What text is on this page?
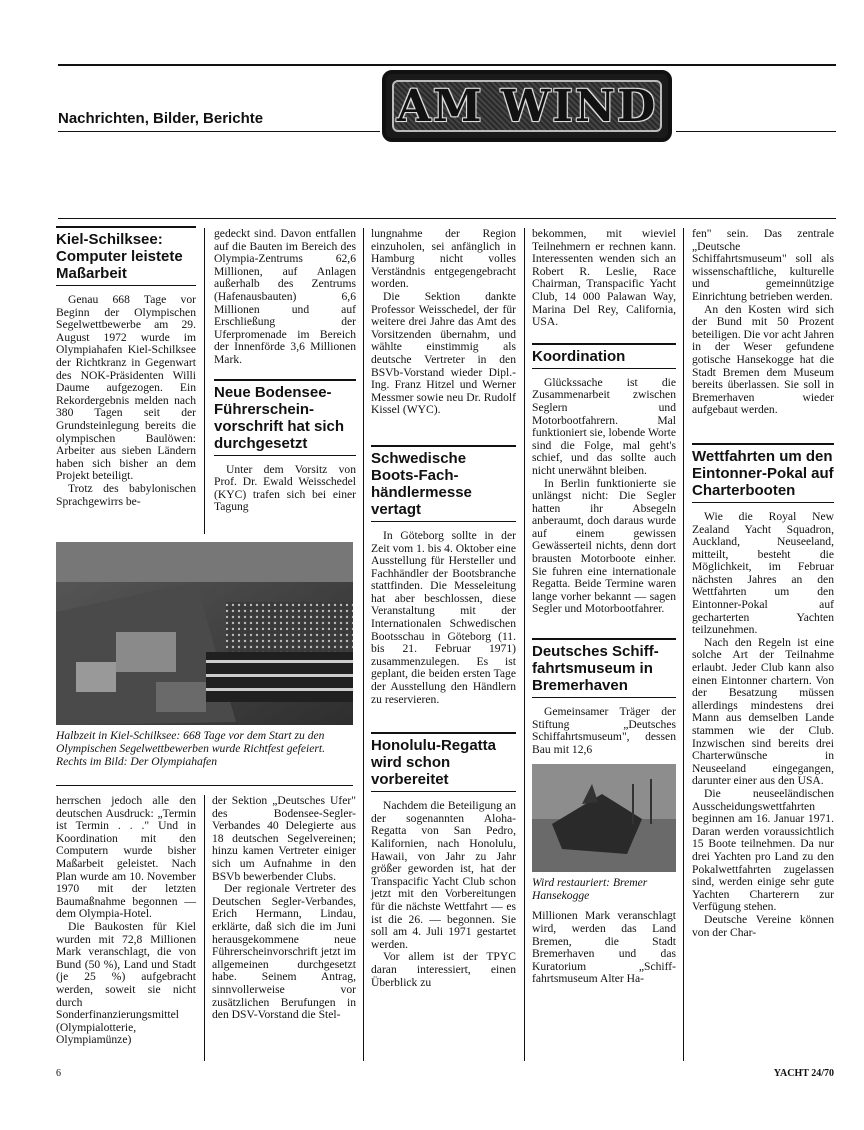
Nachrichten, Bilder, Berichte	AM WIND
Kiel-Schilksee: Computer leistete Maßarbeit

Genau 668 Tage vor Beginn der Olympischen Segelwettbewerbe am 29. August 1972 wurde im Olympiahafen Kiel-Schilksee der Richtkranz in Gegenwart des NOK-Präsidenten Willi Daume aufgezogen. Ein Rekordergebnis melden nach 380 Tagen seit der Grundsteinlegung bereits die olympischen Baulöwen: Arbeiter aus sieben Ländern haben sich bisher an dem Projekt beteiligt.

Trotz des babylonischen Sprachgewirrs be-

gedeckt sind. Davon entfallen auf die Bauten im Bereich des Olympia-Zentrums 62,6 Millionen, auf Anlagen außerhalb des Zentrums (Hafenausbauten) 6,6 Millionen und auf Erschließung der Uferpromenade im Bereich der Innenförde 3,6 Millionen Mark.

Neue Bodensee-Führerschein-vorschrift hat sich durchgesetzt

Unter dem Vorsitz von Prof. Dr. Ewald Weisschedel (KYC) trafen sich bei einer Tagung

Halbzeit in Kiel-Schilksee: 668 Tage vor dem Start zu den Olympischen Segelwettbewerben wurde Richtfest gefeiert. Rechts im Bild: Der Olympiahafen

herrschen jedoch alle den deutschen Ausdruck: „Termin ist Termin . . ." Und in Koordination mit den Computern wurde bisher Maßarbeit geleistet. Nach Plan wurde am 10. November 1970 mit der letzten Baumaßnahme begonnen — dem Olympia-Hotel.

Die Baukosten für Kiel wurden mit 72,8 Millionen Mark veranschlagt, die von Bund (50 %), Land und Stadt (je 25 %) aufgebracht werden, soweit sie nicht durch Sonderfinanzierungsmittel (Olympialotterie, Olympiamünze)

der Sektion „Deutsches Ufer" des Bodensee-Segler-Verbandes 40 Delegierte aus 18 deutschen Segelvereinen; hinzu kamen Vertreter einiger sich um Aufnahme in den BSVb bewerbender Clubs.

Der regionale Vertreter des Deutschen Segler-Verbandes, Erich Hermann, Lindau, erklärte, daß sich die im Juni herausgekommene neue Führerscheinvorschrift jetzt im allgemeinen durchgesetzt habe. Seinem Antrag, sinnvollerweise vor zusätzlichen Berufungen in den DSV-Vorstand die Stel-

lungnahme der Region einzuholen, sei anfänglich in Hamburg nicht volles Verständnis entgegengebracht worden.

Die Sektion dankte Professor Weisschedel, der für weitere drei Jahre das Amt des Vorsitzenden übernahm, und wählte einstimmig als deutsche Vertreter in den BSVb-Vorstand wieder Dipl.-Ing. Franz Hitzel und Werner Messmer sowie neu Dr. Rudolf Kissel (WYC).

Schwedische Boots-Fach-händlermesse vertagt

In Göteborg sollte in der Zeit vom 1. bis 4. Oktober eine Ausstellung für Hersteller und Fachhändler der Bootsbranche stattfinden. Die Messeleitung hat aber beschlossen, diese Veranstaltung mit der Internationalen Schwedischen Bootsschau in Göteborg (11. bis 21. Februar 1971) zusammenzulegen. Es ist geplant, die beiden ersten Tage der Ausstellung den Händlern zu reservieren.

Honolulu-Regatta wird schon vorbereitet

Nachdem die Beteiligung an der sogenannten Aloha-Regatta von San Pedro, Kalifornien, nach Honolulu, Hawaii, von Jahr zu Jahr größer geworden ist, hat der Transpacific Yacht Club schon jetzt mit den Vorbereitungen für die nächste Wettfahrt — es ist die 26. — begonnen. Sie soll am 4. Juli 1971 gestartet werden.

Vor allem ist der TPYC daran interessiert, einen Überblick zu

bekommen, mit wieviel Teilnehmern er rechnen kann. Interessenten wenden sich an Robert R. Leslie, Race Chairman, Transpacific Yacht Club, 14 000 Palawan Way, Marina Del Rey, California, USA.

Koordination

Glückssache ist die Zusammenarbeit zwischen Seglern und Motorbootfahrern. Mal funktioniert sie, lobende Worte sind die Folge, mal geht's schief, und das sollte auch nicht unerwähnt bleiben.

In Berlin funktionierte sie unlängst nicht: Die Segler hatten ihr Absegeln anberaumt, doch daraus wurde auf einem gewissen Gewässerteil nichts, denn dort brausten Motorboote einher. Sie fuhren eine internationale Regatta. Beide Termine waren lange vorher bekannt — sagen Segler und Motorbootfahrer.

Deutsches Schiff-fahrtsmuseum in Bremerhaven

Gemeinsamer Träger der Stiftung „Deutsches Schiffahrtsmuseum", dessen Bau mit 12,6

Wird restauriert: Bremer Hansekogge

Millionen Mark veranschlagt wird, werden das Land Bremen, die Stadt Bremerhaven und das Kuratorium „Schiff-fahrtsmuseum Alter Ha-

fen" sein. Das zentrale „Deutsche Schiffahrtsmuseum" soll als wissenschaftliche, kulturelle und gemeinnützige Einrichtung betrieben werden.

An den Kosten wird sich der Bund mit 50 Prozent beteiligen. Die vor acht Jahren in der Weser gefundene gotische Hansekogge hat die Stadt Bremen dem Museum bereits überlassen. Sie soll in Bremerhaven wieder aufgebaut werden.

Wettfahrten um den Eintonner-Pokal auf Charterbooten

Wie die Royal New Zealand Yacht Squadron, Auckland, Neuseeland, mitteilt, besteht die Möglichkeit, im Februar nächsten Jahres an den Wettfahrten um den Eintonner-Pokal auf gecharterten Yachten teilzunehmen.

Nach den Regeln ist eine solche Art der Teilnahme erlaubt. Jeder Club kann also einen Eintonner chartern. Von der Besatzung müssen allerdings mindestens drei Mann aus demselben Lande stammen wie der Club. Inzwischen sind bereits drei Charterwünsche in Neuseeland eingegangen, darunter einer aus den USA.

Die neuseeländischen Ausscheidungswettfahrten beginnen am 16. Januar 1971. Daran werden voraussichtlich 15 Boote teilnehmen. Da nur drei Yachten pro Land zu den Pokalwettfahrten zugelassen sind, werden einige sehr gute Yachten Charterern zur Verfügung stehen.

Deutsche Vereine können von der Char-

6	YACHT 24/70
